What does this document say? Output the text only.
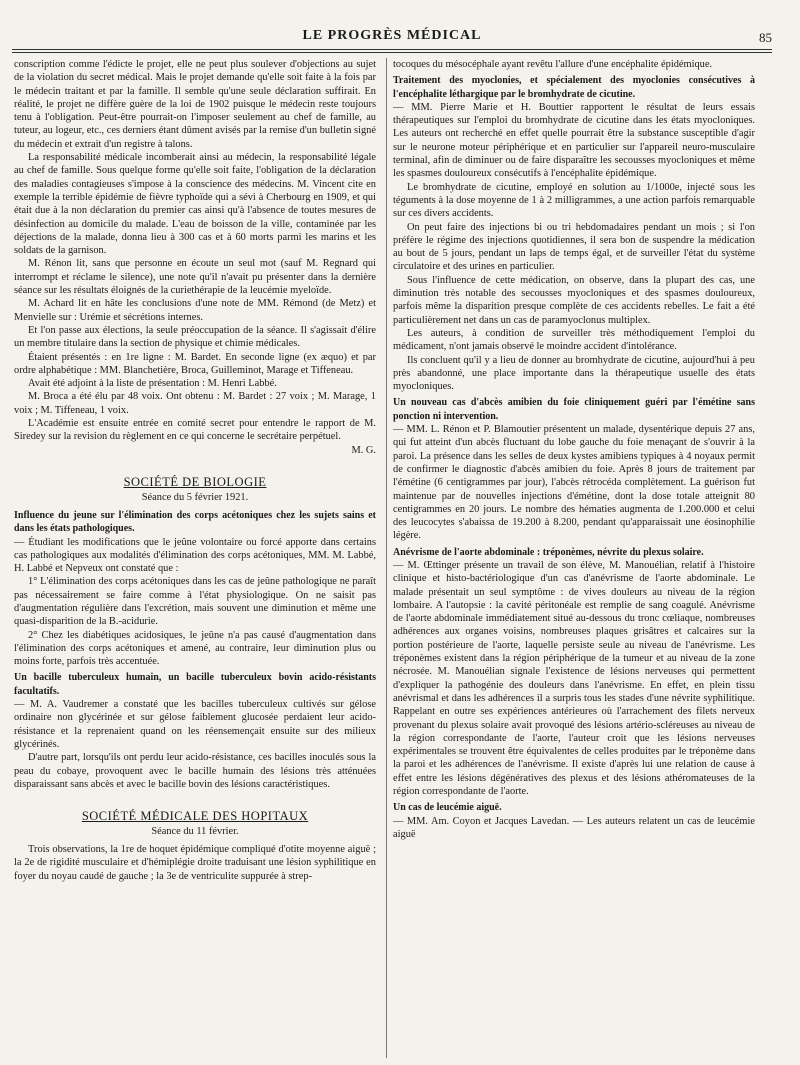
LE PROGRÈS MÉDICAL	85

conscription comme l'édicte le projet, elle ne peut plus soulever d'objections au sujet de la violation du secret médical. Mais le projet demande qu'elle soit faite à la fois par le médecin traitant et par la famille. Il semble qu'une seule déclaration suffirait. En réalité, le projet ne diffère guère de la loi de 1902 puisque le médecin reste toujours tenu à l'obligation. Peut-être pourrait-on l'imposer seulement au chef de famille, au tuteur, au logeur, etc., ces derniers étant dûment avisés par la remise d'un bulletin signé du médecin et extrait d'un registre à talons.

La responsabilité médicale incomberait ainsi au médecin, la responsabilité légale au chef de famille. Sous quelque forme qu'elle soit faite, l'obligation de la déclaration des maladies contagieuses s'impose à la conscience des médecins. M. Vincent cite en exemple la terrible épidémie de fièvre typhoïde qui a sévi à Cherbourg en 1909, et qui était due à la non déclaration du premier cas ainsi qu'à l'absence de toutes mesures de désinfection au domicile du malade. L'eau de boisson de la ville, contaminée par les déjections de la malade, donna lieu à 300 cas et à 60 morts parmi les marins et les soldats de la garnison.

M. Rénon lit, sans que personne en écoute un seul mot (sauf M. Regnard qui interrompt et réclame le silence), une note qu'il n'avait pu présenter dans la dernière séance sur les résultats éloignés de la curiethérapie de la leucémie myeloïde.

M. Achard lit en hâte les conclusions d'une note de MM. Rémond (de Metz) et Menvielle sur : Urémie et sécrétions internes.

Et l'on passe aux élections, la seule préoccupation de la séance. Il s'agissait d'élire un membre titulaire dans la section de physique et chimie médicales.

Étaient présentés : en 1re ligne : M. Bardet. En seconde ligne (ex æquo) et par ordre alphabétique : MM. Blanchetière, Broca, Guilleminot, Marage et Tiffeneau.

Avait été adjoint à la liste de présentation : M. Henri Labbé.

M. Broca a été élu par 48 voix. Ont obtenu : M. Bardet : 27 voix ; M. Marage, 1 voix ; M. Tiffeneau, 1 voix.

L'Académie est ensuite entrée en comité secret pour entendre le rapport de M. Siredey sur la revision du règlement en ce qui concerne le secrétaire perpétuel.

M. G.

SOCIÉTÉ DE BIOLOGIE
Séance du 5 février 1921.

Influence du jeune sur l'élimination des corps acétoniques chez les sujets sains et dans les états pathologiques.

— Étudiant les modifications que le jeûne volontaire ou forcé apporte dans certains cas pathologiques aux modalités d'élimination des corps acétoniques, MM. M. Labbé, H. Labbé et Nepveux ont constaté que :

1° L'élimination des corps acétoniques dans les cas de jeûne pathologique ne paraît pas nécessairement se faire comme à l'état physiologique. On ne saisit pas d'augmentation régulière dans l'excrétion, mais souvent une diminution et même une quasi-disparition de la B.-acidurie.

2° Chez les diabétiques acidosiques, le jeûne n'a pas causé d'augmentation dans l'élimination des corps acétoniques et amené, au contraire, leur diminution plus ou moins forte, parfois très accentuée.

Un bacille tuberculeux humain, un bacille tuberculeux bovin acido-résistants facultatifs.

— M. A. Vaudremer a constaté que les bacilles tuberculeux cultivés sur gélose ordinaire non glycérinée et sur gélose faiblement glucosée perdaient leur acido-résistance et la reprenaient quand on les réensemençait ensuite sur des milieux glycérinés.

D'autre part, lorsqu'ils ont perdu leur acido-résistance, ces bacilles inoculés sous la peau du cobaye, provoquent avec le bacille humain des lésions très atténuées disparaissant sans abcès et avec le bacille bovin des lésions caractéristiques.

SOCIÉTÉ MÉDICALE DES HOPITAUX
Séance du 11 février.

Trois observations, la 1re de hoquet épidémique compliqué d'otite moyenne aiguë ; la 2e de rigidité musculaire et d'hémiplégie droite traduisant une lésion syphilitique en foyer du noyau caudé de gauche ; la 3e de ventriculite suppurée à strep-

tocoques du mésocéphale ayant revêtu l'allure d'une encéphalite épidémique.

Traitement des myoclonies, et spécialement des myoclonies consécutives à l'encéphalite léthargique par le bromhydrate de cicutine.

— MM. Pierre Marie et H. Bouttier rapportent le résultat de leurs essais thérapeutiques sur l'emploi du bromhydrate de cicutine dans les états myocloniques. Les auteurs ont recherché en effet quelle pourrait être la substance susceptible d'agir sur le neurone moteur périphérique et en particulier sur l'appareil neuro-musculaire terminal, afin de diminuer ou de faire disparaître les secousses myocloniques et même les spasmes douloureux consécutifs à l'encéphalite épidémique.

Le bromhydrate de cicutine, employé en solution au 1/1000e, injecté sous les téguments à la dose moyenne de 1 à 2 milligrammes, a une action parfois remarquable sur ces divers accidents.

On peut faire des injections bi ou tri hebdomadaires pendant un mois ; si l'on préfère le régime des injections quotidiennes, il sera bon de suspendre la médication au bout de 5 jours, pendant un laps de temps égal, et de surveiller l'état du système circulatoire et des urines en particulier.

Sous l'influence de cette médication, on observe, dans la plupart des cas, une diminution très notable des secousses myocloniques et des spasmes douloureux, parfois même la disparition presque complète de ces accidents rebelles. Le fait a été particulièrement net dans un cas de paramyoclonus multiplex.

Les auteurs, à condition de surveiller très méthodiquement l'emploi du médicament, n'ont jamais observé le moindre accident d'intolérance.

Ils concluent qu'il y a lieu de donner au bromhydrate de cicutine, aujourd'hui à peu près abandonné, une place importante dans la thérapeutique usuelle des états myocloniques.

Un nouveau cas d'abcès amibien du foie cliniquement guéri par l'émétine sans ponction ni intervention.

— MM. L. Rénon et P. Blamoutier présentent un malade, dysentérique depuis 27 ans, qui fut atteint d'un abcès fluctuant du lobe gauche du foie menaçant de s'ouvrir à la paroi. La présence dans les selles de deux kystes amibiens typiques à 4 noyaux permit de confirmer le diagnostic d'abcès amibien du foie. Après 8 jours de traitement par l'émétine (6 centigrammes par jour), l'abcès rétrocéda complètement. La guérison fut maintenue par de nouvelles injections d'émétine, dont la dose totale atteignit 80 centigrammes en 20 jours. Le nombre des hématies augmenta de 1.200.000 et celui des leucocytes s'abaissa de 19.200 à 8.200, pendant qu'apparaissait une éosinophilie légère.

Anévrisme de l'aorte abdominale : tréponèmes, névrite du plexus solaire.

— M. Œttinger présente un travail de son élève, M. Manouélian, relatif à l'histoire clinique et histo-bactériologique d'un cas d'anévrisme de l'aorte abdominale. Le malade présentait un seul symptôme : de vives douleurs au niveau de la région lombaire. A l'autopsie : la cavité péritonéale est remplie de sang coagulé. Anévrisme de l'aorte abdominale immédiatement situé au-dessous du tronc cœliaque, nombreuses adhérences aux organes voisins, nombreuses plaques grisâtres et calcaires sur la portion postérieure de l'aorte, laquelle persiste seule au niveau de l'anévrisme. Les tréponèmes existent dans la région périphérique de la tumeur et au niveau de la zone nécrosée. M. Manouélian signale l'existence de lésions nerveuses qui permettent d'expliquer la pathogénie des douleurs dans l'anévrisme. En effet, en plein tissu anévrismal et dans les adhérences il a surpris tous les stades d'une névrite syphilitique. Rappelant en outre ses expériences antérieures où l'arrachement des filets nerveux provenant du plexus solaire avait provoqué des lésions artério-scléreuses au niveau de la région correspondante de l'aorte, l'auteur croit que les lésions nerveuses expérimentales se trouvent être équivalentes de celles produites par le tréponème dans la paroi et les adhérences de l'anévrisme. Il existe d'après lui une relation de cause à effet entre les lésions dégénératives des plexus et des lésions athéromateuses de la région correspondante de l'aorte.

Un cas de leucémie aiguë.

— MM. Am. Coyon et Jacques Lavedan. — Les auteurs relatent un cas de leucémie aiguë
